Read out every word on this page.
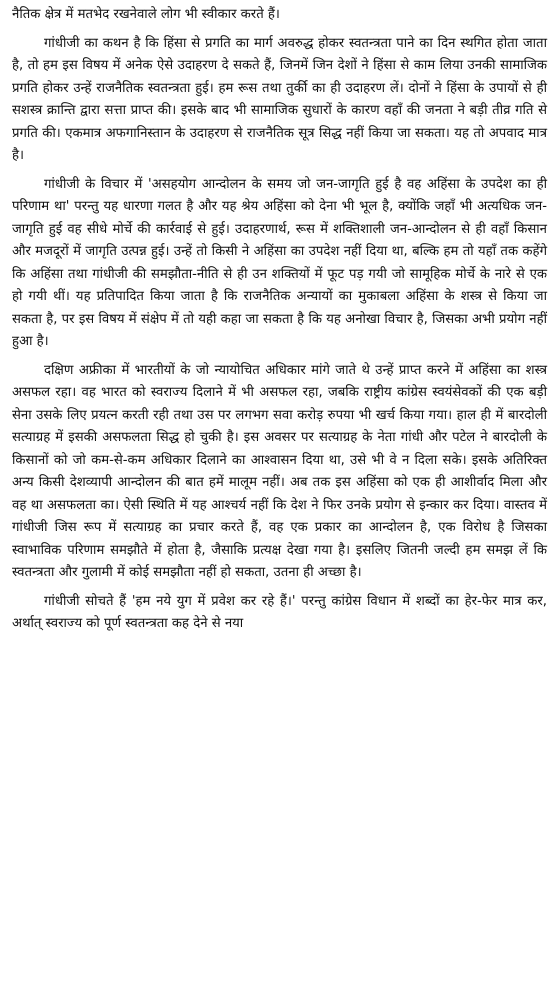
नैतिक क्षेत्र में मतभेद रखनेवाले लोग भी स्वीकार करते हैं।

गांधीजी का कथन है कि हिंसा से प्रगति का मार्ग अवरुद्ध होकर स्वतन्त्रता पाने का दिन स्थगित होता जाता है, तो हम इस विषय में अनेक ऐसे उदाहरण दे सकते हैं, जिनमें जिन देशों ने हिंसा से काम लिया उनकी सामाजिक प्रगति होकर उन्हें राजनैतिक स्वतन्त्रता हुई। हम रूस तथा तुर्की का ही उदाहरण लें। दोनों ने हिंसा के उपायों से ही सशस्त्र क्रान्ति द्वारा सत्ता प्राप्त की। इसके बाद भी सामाजिक सुधारों के कारण वहाँ की जनता ने बड़ी तीव्र गति से प्रगति की। एकमात्र अफगानिस्तान के उदाहरण से राजनैतिक सूत्र सिद्ध नहीं किया जा सकता। यह तो अपवाद मात्र है।

गांधीजी के विचार में 'असहयोग आन्दोलन के समय जो जन-जागृति हुई है वह अहिंसा के उपदेश का ही परिणाम था' परन्तु यह धारणा गलत है और यह श्रेय अहिंसा को देना भी भूल है, क्योंकि जहाँ भी अत्यधिक जन-जागृति हुई वह सीधे मोर्चे की कार्रवाई से हुई। उदाहरणार्थ, रूस में शक्तिशाली जन-आन्दोलन से ही वहाँ किसान और मजदूरों में जागृति उत्पन्न हुई। उन्हें तो किसी ने अहिंसा का उपदेश नहीं दिया था, बल्कि हम तो यहाँ तक कहेंगे कि अहिंसा तथा गांधीजी की समझौता-नीति से ही उन शक्तियों में फूट पड़ गयी जो सामूहिक मोर्चे के नारे से एक हो गयी थीं। यह प्रतिपादित किया जाता है कि राजनैतिक अन्यायों का मुकाबला अहिंसा के शस्त्र से किया जा सकता है, पर इस विषय में संक्षेप में तो यही कहा जा सकता है कि यह अनोखा विचार है, जिसका अभी प्रयोग नहीं हुआ है।

दक्षिण अफ्रीका में भारतीयों के जो न्यायोचित अधिकार मांगे जाते थे उन्हें प्राप्त करने में अहिंसा का शस्त्र असफल रहा। वह भारत को स्वराज्य दिलाने में भी असफल रहा, जबकि राष्ट्रीय कांग्रेस स्वयंसेवकों की एक बड़ी सेना उसके लिए प्रयत्न करती रही तथा उस पर लगभग सवा करोड़ रुपया भी खर्च किया गया। हाल ही में बारदोली सत्याग्रह में इसकी असफलता सिद्ध हो चुकी है। इस अवसर पर सत्याग्रह के नेता गांधी और पटेल ने बारदोली के किसानों को जो कम-से-कम अधिकार दिलाने का आश्वासन दिया था, उसे भी वे न दिला सके। इसके अतिरिक्त अन्य किसी देशव्यापी आन्दोलन की बात हमें मालूम नहीं। अब तक इस अहिंसा को एक ही आशीर्वाद मिला और वह था असफलता का। ऐसी स्थिति में यह आश्चर्य नहीं कि देश ने फिर उनके प्रयोग से इन्कार कर दिया। वास्तव में गांधीजी जिस रूप में सत्याग्रह का प्रचार करते हैं, वह एक प्रकार का आन्दोलन है, एक विरोध है जिसका स्वाभाविक परिणाम समझौते में होता है, जैसाकि प्रत्यक्ष देखा गया है। इसलिए जितनी जल्दी हम समझ लें कि स्वतन्त्रता और गुलामी में कोई समझौता नहीं हो सकता, उतना ही अच्छा है।

गांधीजी सोचते हैं 'हम नये युग में प्रवेश कर रहे हैं।' परन्तु कांग्रेस विधान में शब्दों का हेर-फेर मात्र कर, अर्थात् स्वराज्य को पूर्ण स्वतन्त्रता कह देने से नया
